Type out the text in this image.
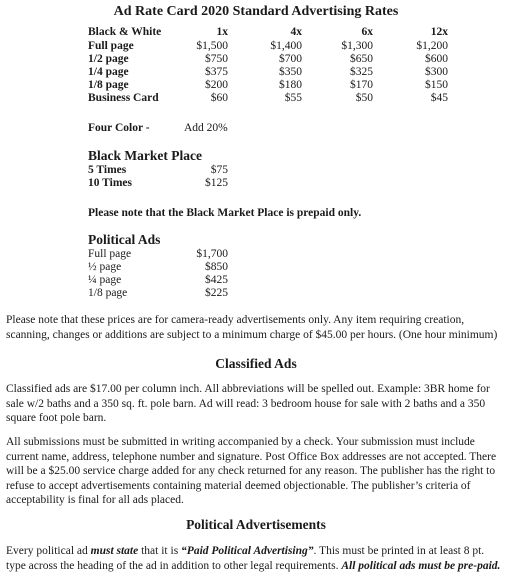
Ad Rate Card 2020 Standard Advertising Rates
Black & White	1x	4x	6x	12x
Full page	$1,500	$1,400	$1,300	$1,200
1/2 page	$750	$700	$650	$600
1/4 page	$375	$350	$325	$300
1/8 page	$200	$180	$170	$150
Business Card	$60	$55	$50	$45
Four Color -	Add 20%
Black Market Place
5 Times	$75
10 Times	$125
Please note that the Black Market Place is prepaid only.
Political Ads
Full page	$1,700
½ page	$850
¼ page	$425
1/8 page	$225
Please note that these prices are for camera-ready advertisements only. Any item requiring creation, scanning, changes or additions are subject to a minimum charge of $45.00 per hours. (One hour minimum)
Classified Ads
Classified ads are $17.00 per column inch. All abbreviations will be spelled out. Example: 3BR home for sale w/2 baths and a 350 sq. ft. pole barn. Ad will read: 3 bedroom house for sale with 2 baths and a 350 square foot pole barn.
All submissions must be submitted in writing accompanied by a check. Your submission must include current name, address, telephone number and signature. Post Office Box addresses are not accepted. There will be a $25.00 service charge added for any check returned for any reason. The publisher has the right to refuse to accept advertisements containing material deemed objectionable. The publisher’s criteria of acceptability is final for all ads placed.
Political Advertisements
Every political ad must state that it is “Paid Political Advertising”. This must be printed in at least 8 pt. type across the heading of the ad in addition to other legal requirements. All political ads must be pre-paid.
